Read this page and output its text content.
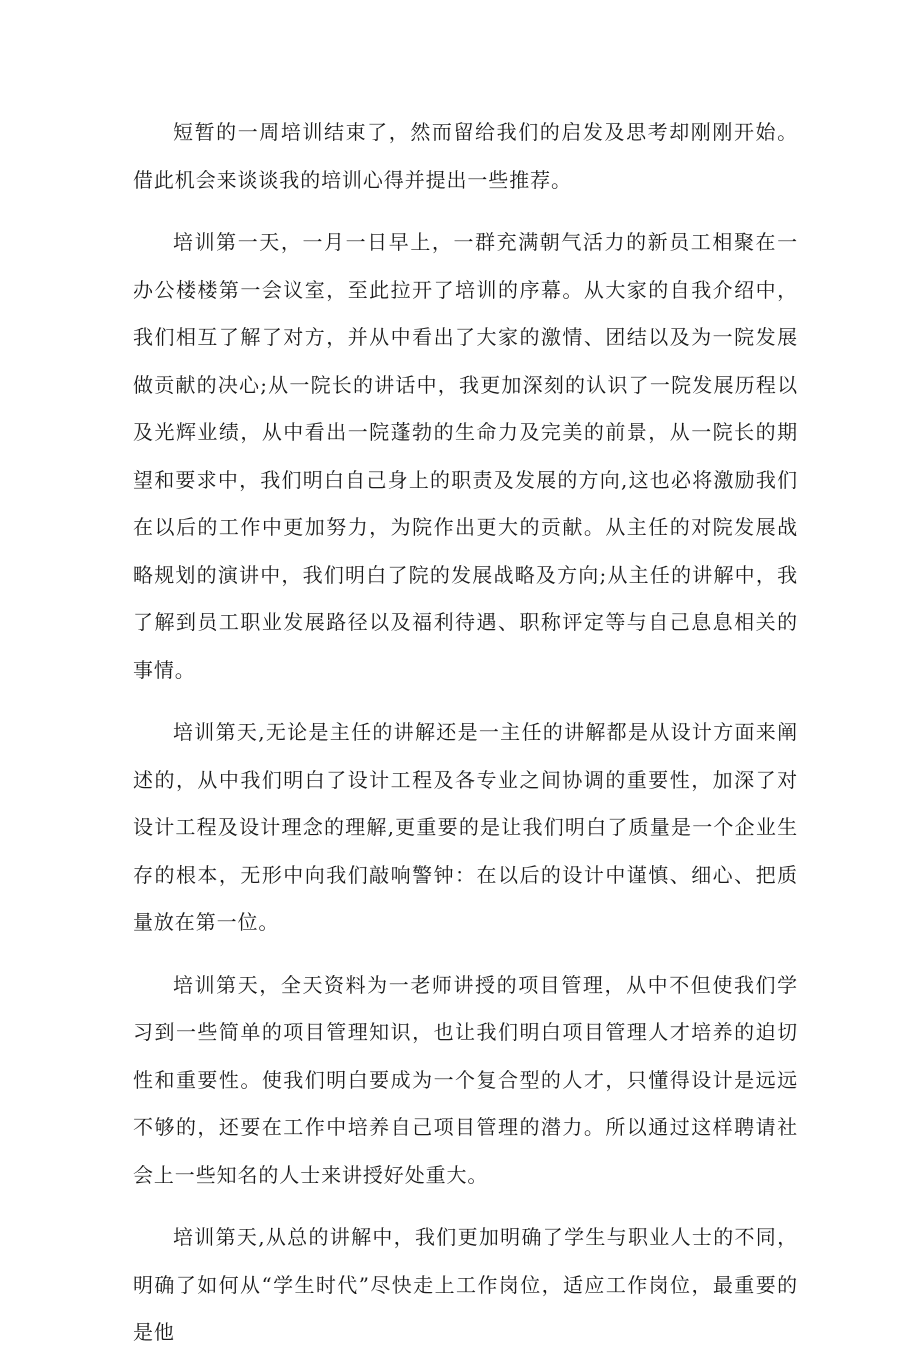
短暂的一周培训结束了，然而留给我们的启发及思考却刚刚开始。借此机会来谈谈我的培训心得并提出一些推荐。

培训第一天，一月一日早上，一群充满朝气活力的新员工相聚在一办公楼楼第一会议室，至此拉开了培训的序幕。从大家的自我介绍中，我们相互了解了对方，并从中看出了大家的激情、团结以及为一院发展做贡献的决心;从一院长的讲话中，我更加深刻的认识了一院发展历程以及光辉业绩，从中看出一院蓬勃的生命力及完美的前景，从一院长的期望和要求中，我们明白自己身上的职责及发展的方向,这也必将激励我们在以后的工作中更加努力，为院作出更大的贡献。从主任的对院发展战略规划的演讲中，我们明白了院的发展战略及方向;从主任的讲解中，我了解到员工职业发展路径以及福利待遇、职称评定等与自己息息相关的事情。

培训第天,无论是主任的讲解还是一主任的讲解都是从设计方面来阐述的，从中我们明白了设计工程及各专业之间协调的重要性，加深了对设计工程及设计理念的理解,更重要的是让我们明白了质量是一个企业生存的根本，无形中向我们敲响警钟：在以后的设计中谨慎、细心、把质量放在第一位。

培训第天，全天资料为一老师讲授的项目管理，从中不但使我们学习到一些简单的项目管理知识，也让我们明白项目管理人才培养的迫切性和重要性。使我们明白要成为一个复合型的人才，只懂得设计是远远不够的，还要在工作中培养自己项目管理的潜力。所以通过这样聘请社会上一些知名的人士来讲授好处重大。

培训第天,从总的讲解中，我们更加明确了学生与职业人士的不同，明确了如何从“学生时代”尽快走上工作岗位，适应工作岗位，最重要的是他
